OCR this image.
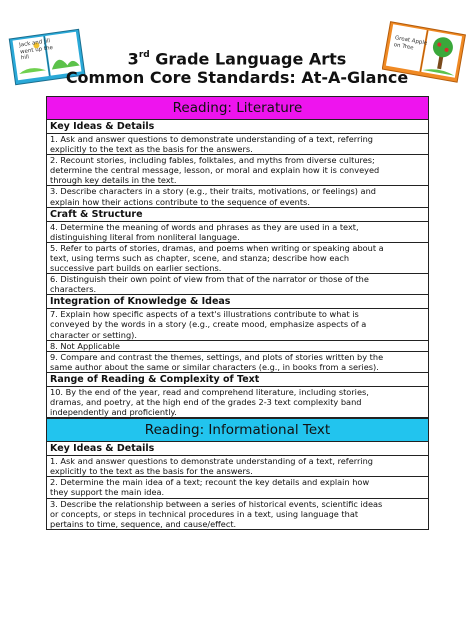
Jack and Jill went up the hill
Great Apple on Tree
3rd Grade Language Arts
Common Core Standards: At-A-Glance
Reading: Literature
Key Ideas & Details
1. Ask and answer questions to demonstrate understanding of a text, referring
explicitly to the text as the basis for the answers.
2. Recount stories, including fables, folktales, and myths from diverse cultures;
determine the central message, lesson, or moral and explain how it is conveyed
through key details in the text.
3. Describe characters in a story (e.g., their traits, motivations, or feelings) and
explain how their actions contribute to the sequence of events.
Craft & Structure
4. Determine the meaning of words and phrases as they are used in a text,
distinguishing literal from nonliteral language.
5. Refer to parts of stories, dramas, and poems when writing or speaking about a
text, using terms such as chapter, scene, and stanza; describe how each
successive part builds on earlier sections.
6. Distinguish their own point of view from that of the narrator or those of the
characters.
Integration of Knowledge & Ideas
7. Explain how specific aspects of a text's illustrations contribute to what is
conveyed by the words in a story (e.g., create mood, emphasize aspects of a
character or setting).
8. Not Applicable
9. Compare and contrast the themes, settings, and plots of stories written by the
same author about the same or similar characters (e.g., in books from a series).
Range of Reading & Complexity of Text
10. By the end of the year, read and comprehend literature, including stories,
dramas, and poetry, at the high end of the grades 2-3 text complexity band
independently and proficiently.
Reading: Informational Text
Key Ideas & Details
1. Ask and answer questions to demonstrate understanding of a text, referring
explicitly to the text as the basis for the answers.
2. Determine the main idea of a text; recount the key details and explain how
they support the main idea.
3. Describe the relationship between a series of historical events, scientific ideas
or concepts, or steps in technical procedures in a text, using language that
pertains to time, sequence, and cause/effect.
